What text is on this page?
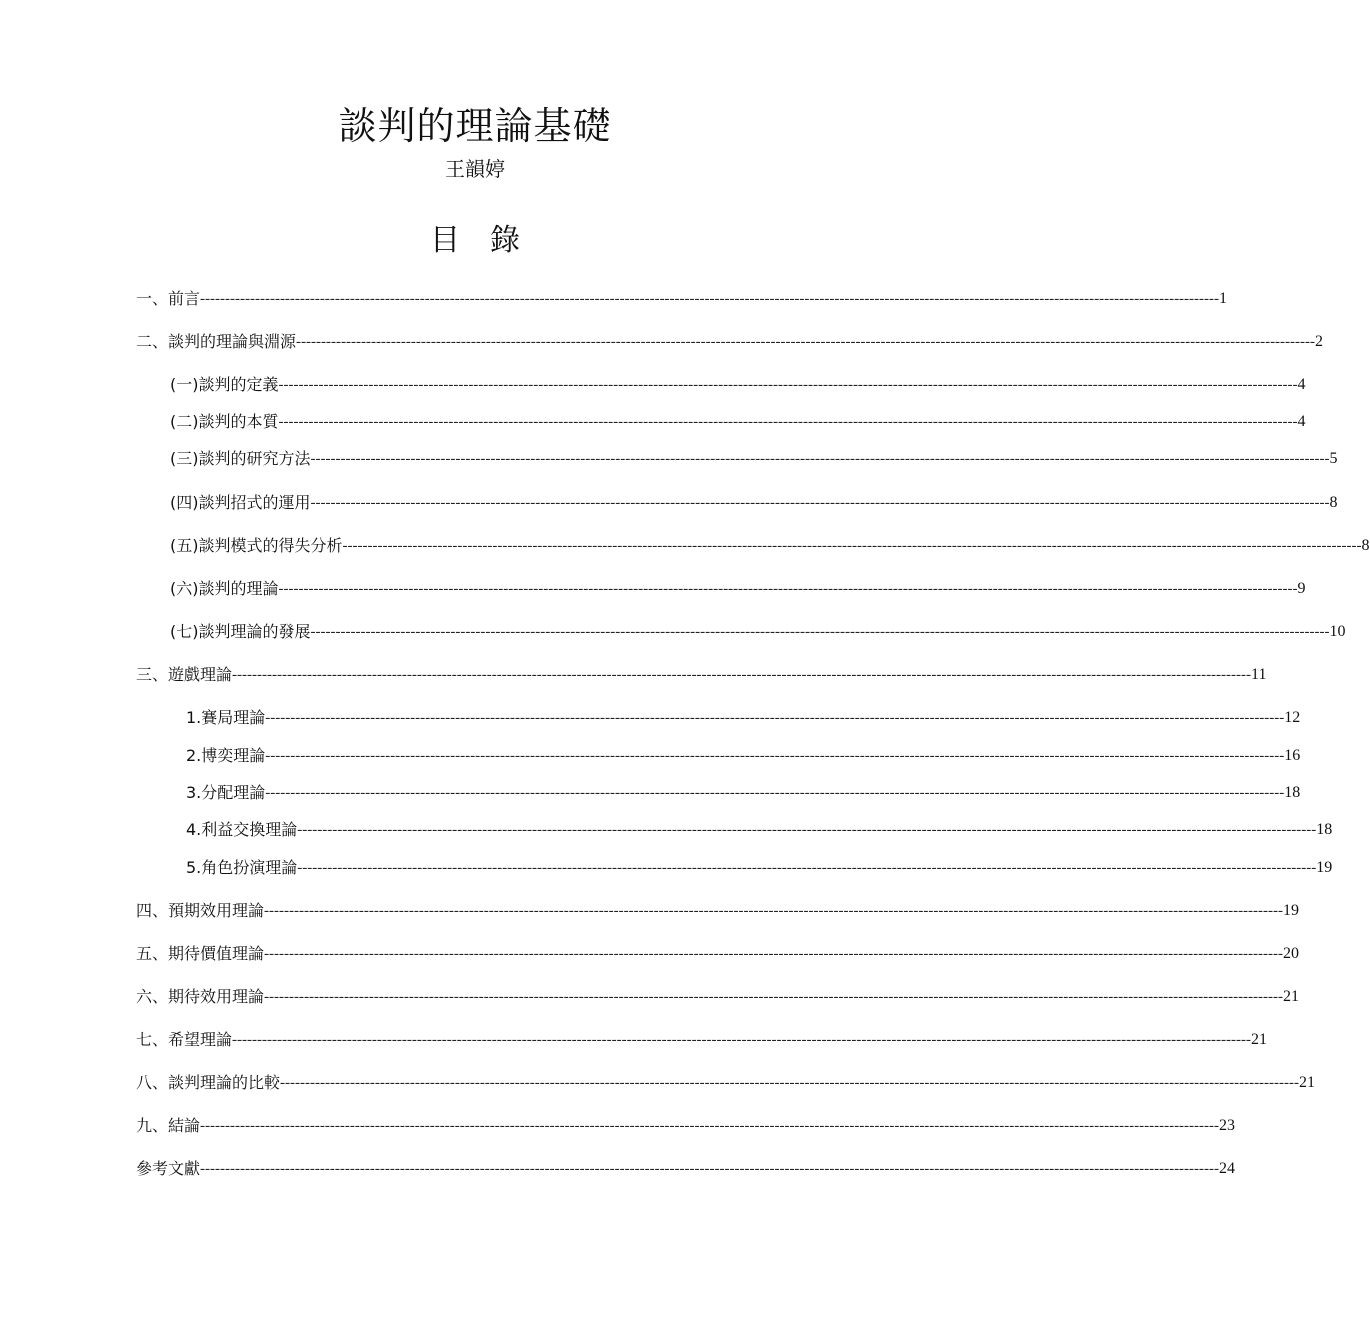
談判的理論基礎
王韻婷
目 錄
一、前言 ------------------------------------------------------------------------------------------------------------------------------------------------------------------------------------------------------------ 1
二、談判的理論與淵源 ------------------------------------------------------------------------------------------------------------------------------------------------------------------------------------------------------------ 2
(一)談判的定義 ------------------------------------------------------------------------------------------------------------------------------------------------------------------------------------------------------------ 4
(二)談判的本質 ------------------------------------------------------------------------------------------------------------------------------------------------------------------------------------------------------------ 4
(三)談判的研究方法 ------------------------------------------------------------------------------------------------------------------------------------------------------------------------------------------------------------ 5
(四)談判招式的運用 ------------------------------------------------------------------------------------------------------------------------------------------------------------------------------------------------------------ 8
(五)談判模式的得失分析 ------------------------------------------------------------------------------------------------------------------------------------------------------------------------------------------------------------ 8
(六)談判的理論 ------------------------------------------------------------------------------------------------------------------------------------------------------------------------------------------------------------ 9
(七)談判理論的發展 ------------------------------------------------------------------------------------------------------------------------------------------------------------------------------------------------------------ 10
三、遊戲理論 ------------------------------------------------------------------------------------------------------------------------------------------------------------------------------------------------------------ 11
1.賽局理論 ------------------------------------------------------------------------------------------------------------------------------------------------------------------------------------------------------------ 12
2.博奕理論 ------------------------------------------------------------------------------------------------------------------------------------------------------------------------------------------------------------ 16
3.分配理論 ------------------------------------------------------------------------------------------------------------------------------------------------------------------------------------------------------------ 18
4.利益交換理論 ------------------------------------------------------------------------------------------------------------------------------------------------------------------------------------------------------------ 18
5.角色扮演理論 ------------------------------------------------------------------------------------------------------------------------------------------------------------------------------------------------------------ 19
四、預期效用理論 ------------------------------------------------------------------------------------------------------------------------------------------------------------------------------------------------------------ 19
五、期待價值理論 ------------------------------------------------------------------------------------------------------------------------------------------------------------------------------------------------------------ 20
六、期待效用理論 ------------------------------------------------------------------------------------------------------------------------------------------------------------------------------------------------------------ 21
七、希望理論 ------------------------------------------------------------------------------------------------------------------------------------------------------------------------------------------------------------ 21
八、談判理論的比較 ------------------------------------------------------------------------------------------------------------------------------------------------------------------------------------------------------------ 21
九、結論 ------------------------------------------------------------------------------------------------------------------------------------------------------------------------------------------------------------ 23
參考文獻 ------------------------------------------------------------------------------------------------------------------------------------------------------------------------------------------------------------ 24
